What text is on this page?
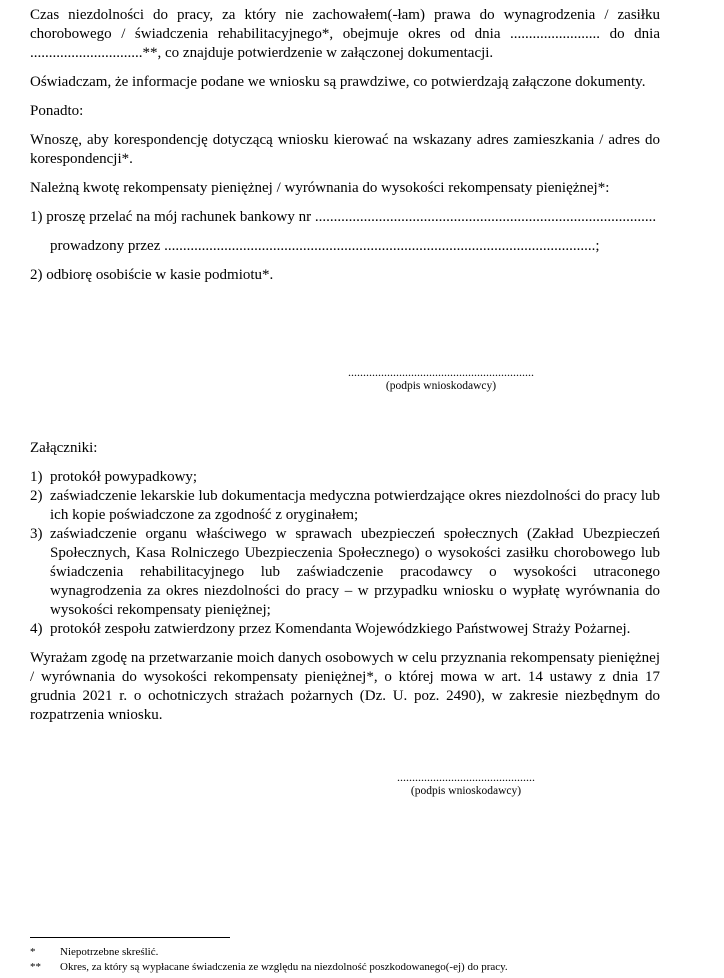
Czas niezdolności do pracy, za który nie zachowałem(-łam) prawa do wynagrodzenia / zasiłku chorobowego / świadczenia rehabilitacyjnego*, obejmuje okres od dnia ........................ do dnia ..............................**, co znajduje potwierdzenie w załączonej dokumentacji.

Oświadczam, że informacje podane we wniosku są prawdziwe, co potwierdzają załączone dokumenty.

Ponadto:

Wnoszę, aby korespondencję dotyczącą wniosku kierować na wskazany adres zamieszkania / adres do korespondencji*.

Należną kwotę rekompensaty pieniężnej / wyrównania do wysokości rekompensaty pieniężnej*:

1) proszę przelać na mój rachunek bankowy nr ...........................................................................................

prowadzony przez ...................................................................................................................;

2) odbiorę osobiście w kasie podmiotu*.

..............................................................
(podpis wnioskodawcy)

Załączniki:

1) protokół powypadkowy;
2) zaświadczenie lekarskie lub dokumentacja medyczna potwierdzające okres niezdolności do pracy lub ich kopie poświadczone za zgodność z oryginałem;
3) zaświadczenie organu właściwego w sprawach ubezpieczeń społecznych (Zakład Ubezpieczeń Społecznych, Kasa Rolniczego Ubezpieczenia Społecznego) o wysokości zasiłku chorobowego lub świadczenia rehabilitacyjnego lub zaświadczenie pracodawcy o wysokości utraconego wynagrodzenia za okres niezdolności do pracy – w przypadku wniosku o wypłatę wyrównania do wysokości rekompensaty pieniężnej;
4) protokół zespołu zatwierdzony przez Komendanta Wojewódzkiego Państwowej Straży Pożarnej.

Wyrażam zgodę na przetwarzanie moich danych osobowych w celu przyznania rekompensaty pieniężnej / wyrównania do wysokości rekompensaty pieniężnej*, o której mowa w art. 14 ustawy z dnia 17 grudnia 2021 r. o ochotniczych strażach pożarnych (Dz. U. poz. 2490), w zakresie niezbędnym do rozpatrzenia wniosku.

..............................................
(podpis wnioskodawcy)
* Niepotrzebne skreślić.
** Okres, za który są wypłacane świadczenia ze względu na niezdolność poszkodowanego(-ej) do pracy.
